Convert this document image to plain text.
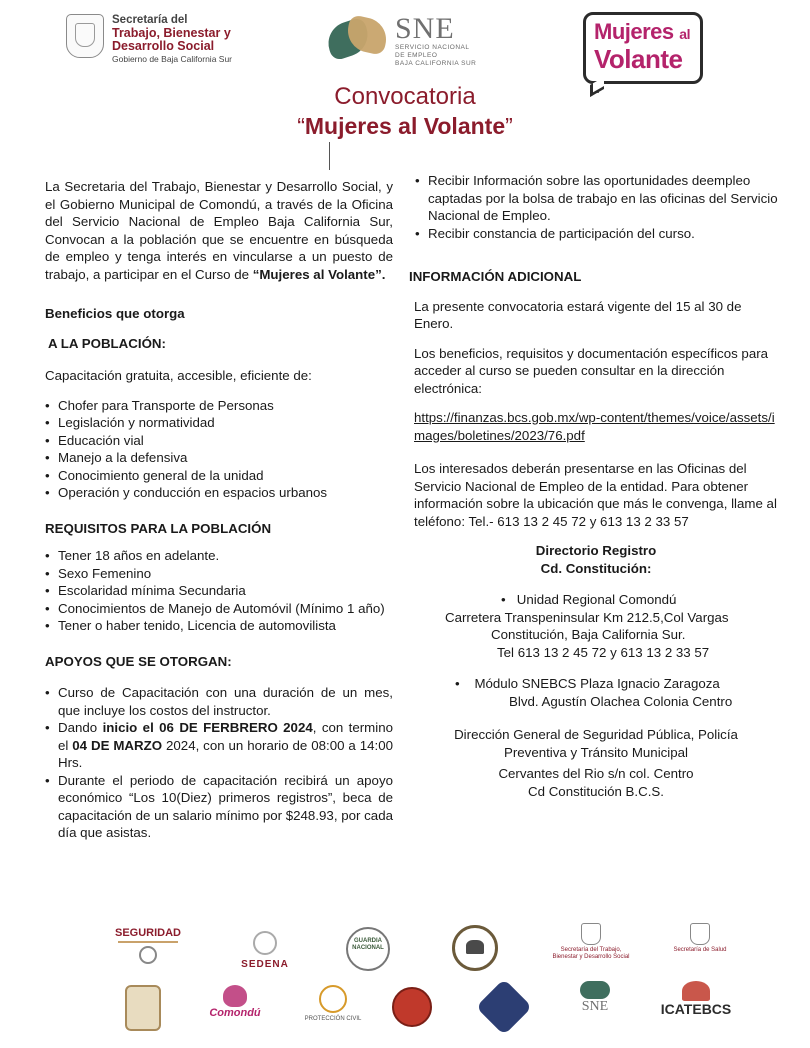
Secretaría del
Trabajo, Bienestar y
Desarrollo Social
Gobierno de Baja California Sur
SNE
SERVICIO NACIONAL
DE EMPLEO
BAJA CALIFORNIA SUR
Mujeres al
Volante
Convocatoria
“Mujeres al Volante”

La Secretaria del Trabajo, Bienestar y Desarrollo Social, y el Gobierno Municipal de Comondú, a través de la Oficina del Servicio Nacional de Empleo Baja California Sur, Convocan a la población que se encuentre en búsqueda de empleo y tenga interés en vincularse a un puesto de trabajo, a participar en el Curso de “Mujeres al Volante”.

Beneficios que otorga

A LA POBLACIÓN:

Capacitación gratuita, accesible, eficiente de:

• Chofer para Transporte de Personas
• Legislación y normatividad
• Educación vial
• Manejo a la defensiva
• Conocimiento general de la unidad
• Operación y conducción en espacios urbanos

REQUISITOS PARA LA POBLACIÓN

• Tener 18 años en adelante.
• Sexo Femenino
• Escolaridad mínima Secundaria
• Conocimientos de Manejo de Automóvil (Mínimo 1 año)
• Tener o haber tenido, Licencia de automovilista

APOYOS QUE SE OTORGAN:

• Curso de Capacitación con una duración de un mes, que incluye los costos del instructor.
• Dando inicio el 06 DE FERBRERO 2024, con termino el 04 DE MARZO 2024, con un horario de 08:00 a 14:00 Hrs.
• Durante el periodo de capacitación recibirá un apoyo económico “Los 10(Diez) primeros registros”, beca de capacitación de un salario mínimo por $248.93, por cada día que asistas.
• Recibir Información sobre las oportunidades deempleo captadas por la bolsa de trabajo en las oficinas del Servicio Nacional de Empleo.
• Recibir constancia de participación del curso.

INFORMACIÓN ADICIONAL

La presente convocatoria estará vigente del 15 al 30 de Enero.

Los beneficios, requisitos y documentación específicos para acceder al curso se pueden consultar en la dirección electrónica:

https://finanzas.bcs.gob.mx/wp-content/themes/voice/assets/images/boletines/2023/76.pdf

Los interesados deberán presentarse en las Oficinas del Servicio Nacional de Empleo de la entidad. Para obtener información sobre la ubicación que más le convenga, llame al teléfono: Tel.- 613 13 2 45 72 y 613 13 2 33 57

Directorio Registro

Cd. Constitución:

•   Unidad Regional Comondú

Carretera Transpeninsular Km 212.5,Col Vargas

Constitución, Baja California Sur.

Tel 613 13 2 45 72 y 613 13 2 33 57

•    Módulo SNEBCS Plaza Ignacio Zaragoza

Blvd. Agustín Olachea Colonia Centro

Dirección General de Seguridad Pública, Policía

Preventiva y Tránsito Municipal

Cervantes del Rio s/n col. Centro

Cd Constitución B.C.S.

SEGURIDAD
SEDENA
GUARDIA NACIONAL	Secretaría del Trabajo, Bienestar y Desarrollo Social
Secretaría de Salud
Comondú	PROTECCIÓN CIVIL
SNE	ICATEBCS
